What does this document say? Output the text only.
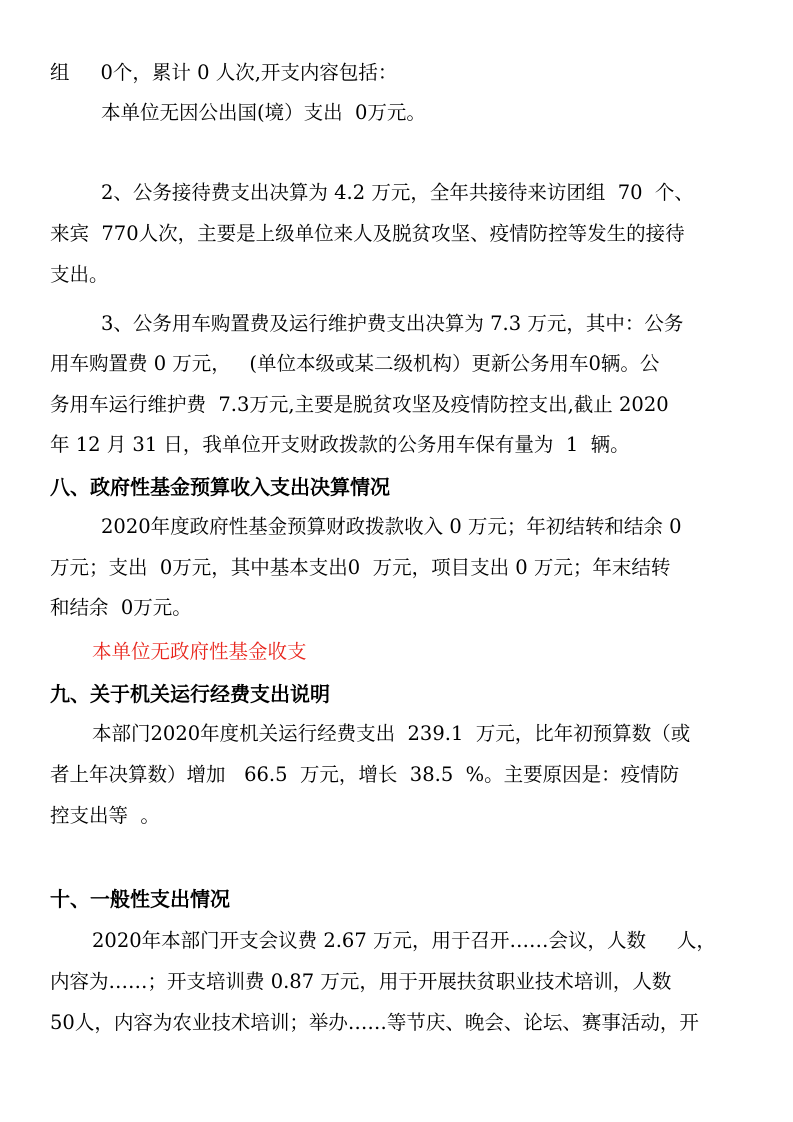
组     0个，累计 0 人次,开支内容包括：
本单位无因公出国(境）支出  0万元。
2、公务接待费支出决算为 4.2 万元，全年共接待来访团组  70  个、
来宾  770人次，主要是上级单位来人及脱贫攻坚、疫情防控等发生的接待
支出。
3、公务用车购置费及运行维护费支出决算为 7.3 万元，其中：公务
用车购置费 0 万元，   (单位本级或某二级机构）更新公务用车0辆。公
务用车运行维护费  7.3万元,主要是脱贫攻坚及疫情防控支出,截止 2020
年 12 月 31 日，我单位开支财政拨款的公务用车保有量为  1  辆。
八、政府性基金预算收入支出决算情况
2020年度政府性基金预算财政拨款收入 0 万元；年初结转和结余 0
万元；支出  0万元，其中基本支出0  万元，项目支出 0 万元；年末结转
和结余  0万元。
本单位无政府性基金收支
九、关于机关运行经费支出说明
本部门2020年度机关运行经费支出  239.1  万元，比年初预算数（或
者上年决算数）增加   66.5  万元，增长  38.5  %。主要原因是：疫情防
控支出等  。
十、一般性支出情况
2020年本部门开支会议费 2.67 万元，用于召开……会议，人数     人，
内容为……；开支培训费 0.87 万元，用于开展扶贫职业技术培训，人数
50人，内容为农业技术培训；举办……等节庆、晚会、论坛、赛事活动，开
